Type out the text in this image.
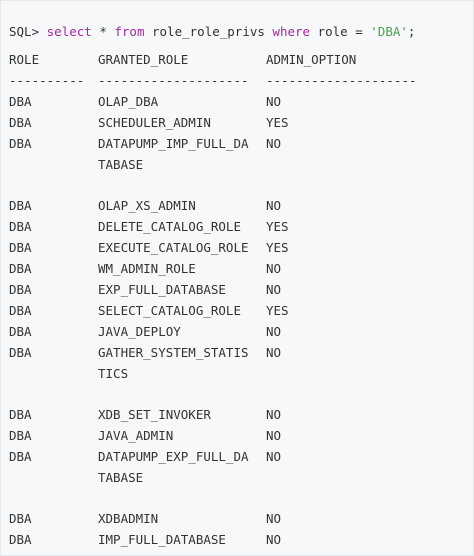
SQL> select * from role_role_privs where role = 'DBA';
ROLE	GRANTED_ROLE	ADMIN_OPTION
---------- -------------------- --------------------
DBA	OLAP_DBA	NO
DBA	SCHEDULER_ADMIN	YES
DBA	DATAPUMP_IMP_FULL_DA NO
TABASE
DBA	OLAP_XS_ADMIN	NO
DBA	DELETE_CATALOG_ROLE YES
DBA	EXECUTE_CATALOG_ROLE YES
DBA	WM_ADMIN_ROLE	NO
DBA	EXP_FULL_DATABASE	NO
DBA	SELECT_CATALOG_ROLE YES
DBA	JAVA_DEPLOY	NO
DBA	GATHER_SYSTEM_STATIS NO
TICS
DBA	XDB_SET_INVOKER	NO
DBA	JAVA_ADMIN	NO
DBA	DATAPUMP_EXP_FULL_DA NO
TABASE
DBA	XDBADMIN	NO
DBA	IMP_FULL_DATABASE	NO
